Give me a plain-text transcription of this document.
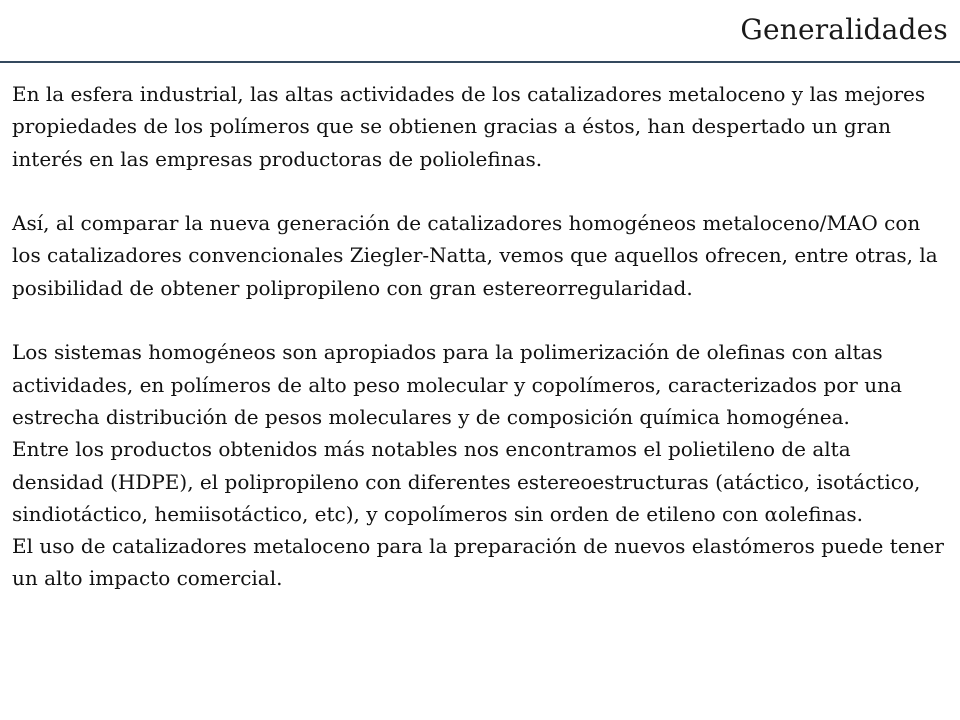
Generalidades

En la esfera industrial, las altas actividades de los catalizadores metaloceno y las mejores propiedades de los polímeros que se obtienen gracias a éstos, han despertado un gran interés en las empresas productoras de poliolefinas.

Así, al comparar la nueva generación de catalizadores homogéneos metaloceno/MAO con los catalizadores convencionales Ziegler-Natta, vemos que aquellos ofrecen, entre otras, la posibilidad de obtener polipropileno con gran estereorregularidad.

Los sistemas homogéneos son apropiados para la polimerización de olefinas con altas actividades, en polímeros de alto peso molecular y copolímeros, caracterizados por una estrecha distribución de pesos moleculares y de composición química homogénea.

Entre los productos obtenidos más notables nos encontramos el polietileno de alta densidad (HDPE), el polipropileno con diferentes estereoestructuras (atáctico, isotáctico, sindiotáctico, hemiisotáctico, etc), y copolímeros sin orden de etileno con αolefinas.

El uso de catalizadores metaloceno para la preparación de nuevos elastómeros puede tener un alto impacto comercial.
